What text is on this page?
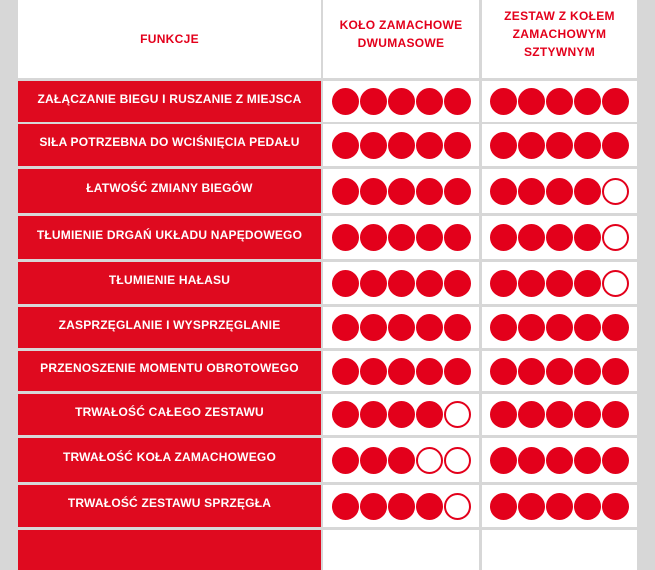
FUNKCJE
KOŁO ZAMACHOWE DWUMASOWE
ZESTAW Z KOŁEM ZAMACHOWYM SZTYWNYM
ZAŁĄCZANIE BIEGU I RUSZANIE Z MIEJSCA
SIŁA POTRZEBNA DO WCIŚNIĘCIA PEDAŁU
ŁATWOŚĆ ZMIANY BIEGÓW
TŁUMIENIE DRGAŃ UKŁADU NAPĘDOWEGO
TŁUMIENIE HAŁASU
ZASPRZĘGLANIE I WYSPRZĘGLANIE
PRZENOSZENIE MOMENTU OBROTOWEGO
TRWAŁOŚĆ CAŁEGO ZESTAWU
TRWAŁOŚĆ KOŁA ZAMACHOWEGO
TRWAŁOŚĆ ZESTAWU SPRZĘGŁA
